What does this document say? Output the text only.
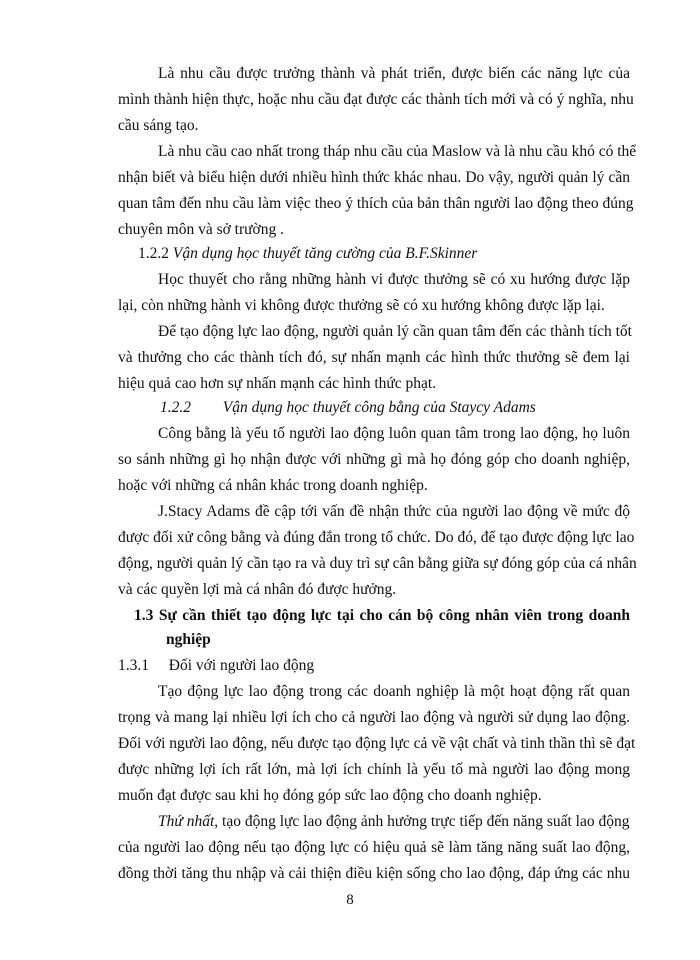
Là nhu cầu được trưởng thành và phát triển, được biến các năng lực của
mình thành hiện thực, hoặc nhu cầu đạt được các thành tích mới và có ý nghĩa, nhu
cầu sáng tạo.
Là nhu cầu cao nhất trong tháp nhu cầu của Maslow và là nhu cầu khó có thể
nhận biết và biểu hiện dưới nhiều hình thức khác nhau. Do vậy, người quản lý cần
quan tâm đến nhu cầu làm việc theo ý thích của bản thân người lao động theo đúng
chuyên môn và sở trường .
1.2.2 Vận dụng học thuyết tăng cường của B.F.Skinner
Học thuyết cho rằng những hành vi được thưởng sẽ có xu hướng được lặp
lại, còn những hành vi không được thưởng sẽ có xu hướng không được lặp lại.
Để tạo động lực lao động, người quản lý cần quan tâm đến các thành tích tốt
và thưởng cho các thành tích đó, sự nhấn mạnh các hình thức thưởng sẽ đem lại
hiệu quả cao hơn sự nhấn mạnh các hình thức phạt.
1.2.2 Vận dụng học thuyết công bằng của Staycy Adams
Công bằng là yếu tố người lao động luôn quan tâm trong lao động, họ luôn
so sánh những gì họ nhận được với những gì mà họ đóng góp cho doanh nghiệp,
hoặc với những cá nhân khác trong doanh nghiệp.
J.Stacy Adams đề cập tới vấn đề nhận thức của người lao động về mức độ
được đối xử công bằng và đúng đắn trong tổ chức. Do đó, để tạo được động lực lao
động, người quản lý cần tạo ra và duy trì sự cân bằng giữa sự đóng góp của cá nhân
và các quyền lợi mà cá nhân đó được hưởng.
1.3 Sự cần thiết tạo động lực tại cho cán bộ công nhân viên trong doanh
nghiệp
1.3.1 Đối với người lao động
Tạo động lực lao động trong các doanh nghiệp là một hoạt động rất quan
trọng và mang lại nhiều lợi ích cho cả người lao động và người sử dụng lao động.
Đối với người lao động, nếu được tạo động lực cả về vật chất và tinh thần thì sẽ đạt
được những lợi ích rất lớn, mà lợi ích chính là yếu tố mà người lao động mong
muốn đạt được sau khi họ đóng góp sức lao động cho doanh nghiệp.
Thứ nhất, tạo động lực lao động ảnh hưởng trực tiếp đến năng suất lao động
của người lao động nếu tạo động lực có hiệu quả sẽ làm tăng năng suất lao động,
đồng thời tăng thu nhập và cải thiện điều kiện sống cho lao động, đáp ứng các nhu
8
